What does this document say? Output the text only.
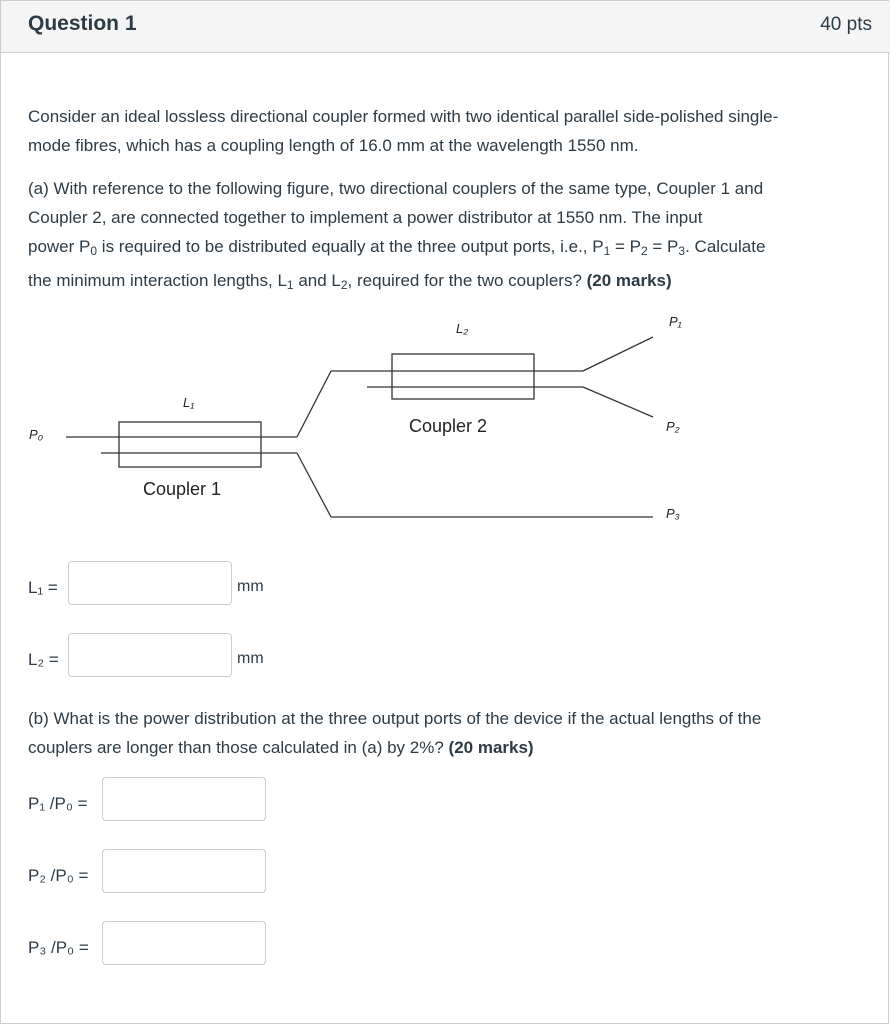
Question 1	40 pts
Consider an ideal lossless directional coupler formed with two identical parallel side-polished single-
mode fibres, which has a coupling length of 16.0 mm at the wavelength 1550 nm.
(a) With reference to the following figure, two directional couplers of the same type, Coupler 1 and
Coupler 2, are connected together to implement a power distributor at 1550 nm. The input
power $P_0$ is required to be distributed equally at the three output ports, i.e., $P_1 = P_2 = P_3$. Calculate
the minimum interaction lengths, $L_1$ and $L_2$, required for the two couplers? (20 marks)
L₁
L₂
P₀
P₁
P₂
P₃
Coupler 1
Coupler 2
L₁ =	mm
L₂ =	mm
(b) What is the power distribution at the three output ports of the device if the actual lengths of the
couplers are longer than those calculated in (a) by 2%? (20 marks)
P₁ /P₀ =
P₂ /P₀ =
P₃ /P₀ =
